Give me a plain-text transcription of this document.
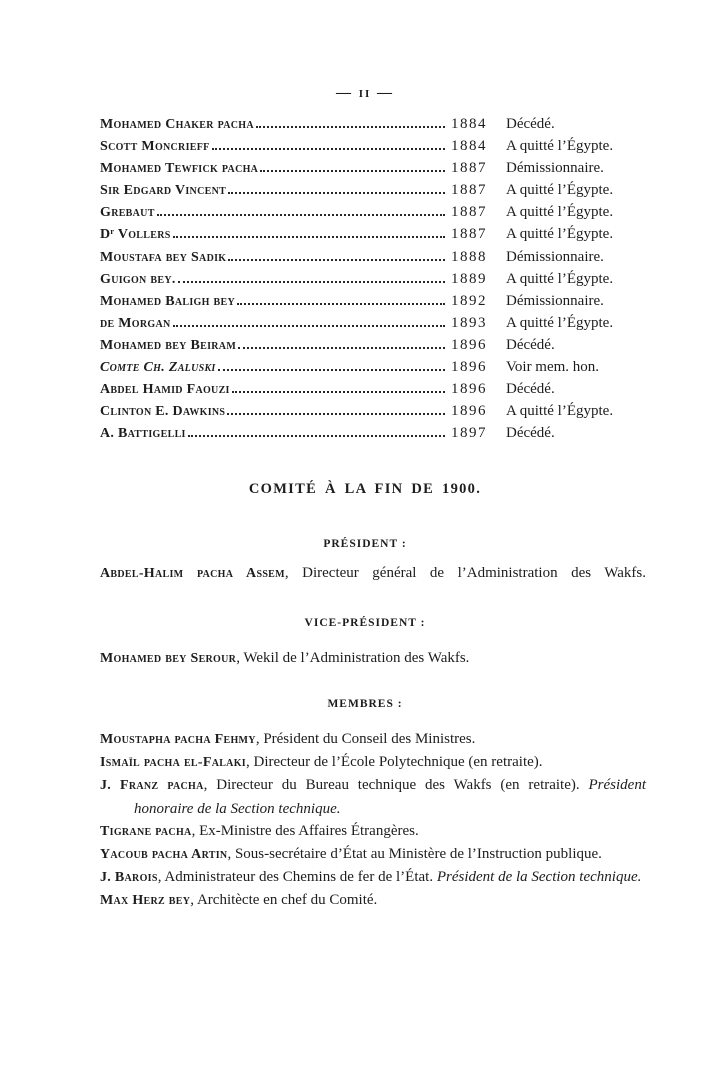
— ii —
Mohamed Chaker pacha	1884	Décédé.
Scott Moncrieff	1884	A quitté l’Égypte.
Mohamed Tewfick pacha	1887	Démissionnaire.
Sir Edgard Vincent	1887	A quitté l’Égypte.
Grebaut	1887	A quitté l’Égypte.
Dʳ Vollers	1887	A quitté l’Égypte.
Moustafa bey Sadik	1888	Démissionnaire.
Guigon bey.	1889	A quitté l’Égypte.
Mohamed Baligh bey	1892	Démissionnaire.
de Morgan	1893	A quitté l’Égypte.
Mohamed bey Beiram	1896	Décédé.
Comte Ch. Zaluski	1896	Voir mem. hon.
Abdel Hamid Faouzi	1896	Décédé.
Clinton E. Dawkins	1896	A quitté l’Égypte.
A. Battigelli	1897	Décédé.
COMITÉ À LA FIN DE 1900.
PRÉSIDENT :
Abdel-Halim pacha Assem, Directeur général de l’Administration des Wakfs.
VICE-PRÉSIDENT :
Mohamed bey Serour, Wekil de l’Administration des Wakfs.
MEMBRES :
Moustapha pacha Fehmy, Président du Conseil des Ministres.
Ismaïl pacha el-Falaki, Directeur de l’École Polytechnique (en retraite).
J. Franz pacha, Directeur du Bureau technique des Wakfs (en retraite). Président honoraire de la Section technique.
Tigrane pacha, Ex-Ministre des Affaires Étrangères.
Yacoub pacha Artin, Sous-secrétaire d’État au Ministère de l’Instruction publique.
J. Barois, Administrateur des Chemins de fer de l’État. Président de la Section technique.
Max Herz bey, Architècte en chef du Comité.
